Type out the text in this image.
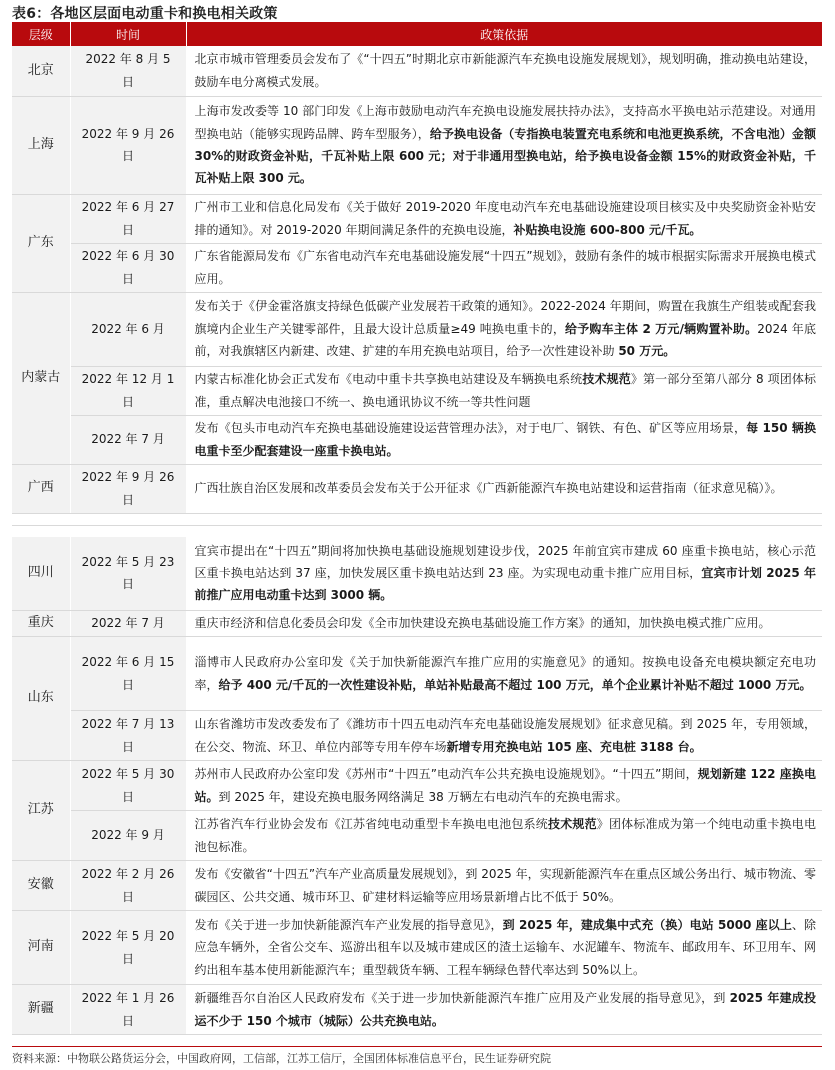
表6：各地区层面电动重卡和换电相关政策
层级	时间	政策依据
北京	2022 年 8 月 5 日	北京市城市管理委员会发布了《“十四五”时期北京市新能源汽车充换电设施发展规划》，规划明确，推动换电站建设，鼓励车电分离模式发展。
上海	2022 年 9 月 26 日	上海市发改委等 10 部门印发《上海市鼓励电动汽车充换电设施发展扶持办法》，支持高水平换电站示范建设。对通用型换电站（能够实现跨品牌、跨车型服务），给予换电设备（专指换电装置充电系统和电池更换系统，不含电池）金额 30%的财政资金补贴，千瓦补贴上限 600 元；对于非通用型换电站，给予换电设备金额 15%的财政资金补贴，千瓦补贴上限 300 元。
广东	2022 年 6 月 27 日	广州市工业和信息化局发布《关于做好 2019-2020 年度电动汽车充电基础设施建设项目核实及中央奖励资金补贴安排的通知》。对 2019-2020 年期间满足条件的充换电设施，补贴换电设施 600-800 元/千瓦。
	2022 年 6 月 30 日	广东省能源局发布《广东省电动汽车充电基础设施发展“十四五”规划》，鼓励有条件的城市根据实际需求开展换电模式应用。
内蒙古	2022 年 6 月	发布关于《伊金霍洛旗支持绿色低碳产业发展若干政策的通知》。2022-2024 年期间，购置在我旗生产组装或配套我旗境内企业生产关键零部件，且最大设计总质量≥49 吨换电重卡的，给予购车主体 2 万元/辆购置补助。2024 年底前，对我旗辖区内新建、改建、扩建的车用充换电站项目，给予一次性建设补助 50 万元。
	2022 年 12 月 1 日	内蒙古标准化协会正式发布《电动中重卡共享换电站建设及车辆换电系统技术规范》第一部分至第八部分 8 项团体标准，重点解决电池接口不统一、换电通讯协议不统一等共性问题
	2022 年 7 月	发布《包头市电动汽车充换电基础设施建设运营管理办法》，对于电厂、钢铁、有色、矿区等应用场景，每 150 辆换电重卡至少配套建设一座重卡换电站。
广西	2022 年 9 月 26 日	广西壮族自治区发展和改革委员会发布关于公开征求《广西新能源汽车换电站建设和运营指南（征求意见稿）》。

四川	2022 年 5 月 23 日	宜宾市提出在“十四五”期间将加快换电基础设施规划建设步伐，2025 年前宜宾市建成 60 座重卡换电站，核心示范区重卡换电站达到 37 座，加快发展区重卡换电站达到 23 座。为实现电动重卡推广应用目标，宜宾市计划 2025 年前推广应用电动重卡达到 3000 辆。
重庆	2022 年 7 月	重庆市经济和信息化委员会印发《全市加快建设充换电基础设施工作方案》的通知，加快换电模式推广应用。
山东	2022 年 6 月 15 日	淄博市人民政府办公室印发《关于加快新能源汽车推广应用的实施意见》的通知。按换电设备充电模块额定充电功率，给予 400 元/千瓦的一次性建设补贴，单站补贴最高不超过 100 万元，单个企业累计补贴不超过 1000 万元。
	2022 年 7 月 13 日	山东省潍坊市发改委发布了《潍坊市十四五电动汽车充电基础设施发展规划》征求意见稿。到 2025 年，专用领域，在公交、物流、环卫、单位内部等专用车停车场新增专用充换电站 105 座、充电桩 3188 台。
江苏	2022 年 5 月 30 日	苏州市人民政府办公室印发《苏州市“十四五”电动汽车公共充换电设施规划》。“十四五”期间，规划新建 122 座换电站。到 2025 年，建设充换电服务网络满足 38 万辆左右电动汽车的充换电需求。
	2022 年 9 月	江苏省汽车行业协会发布《江苏省纯电动重型卡车换电电池包系统技术规范》团体标准成为第一个纯电动重卡换电电池包标准。
安徽	2022 年 2 月 26 日	发布《安徽省“十四五”汽车产业高质量发展规划》，到 2025 年，实现新能源汽车在重点区域公务出行、城市物流、零碳园区、公共交通、城市环卫、矿建材料运输等应用场景新增占比不低于 50%。
河南	2022 年 5 月 20 日	发布《关于进一步加快新能源汽车产业发展的指导意见》，到 2025 年，建成集中式充（换）电站 5000 座以上、除应急车辆外，全省公交车、巡游出租车以及城市建成区的渣土运输车、水泥罐车、物流车、邮政用车、环卫用车、网约出租车基本使用新能源汽车；重型载货车辆、工程车辆绿色替代率达到 50%以上。
新疆	2022 年 1 月 26 日	新疆维吾尔自治区人民政府发布《关于进一步加快新能源汽车推广应用及产业发展的指导意见》，到 2025 年建成投运不少于 150 个城市（城际）公共充换电站。
资料来源：中物联公路货运分会，中国政府网，工信部，江苏工信厅，全国团体标准信息平台，民生证券研究院
